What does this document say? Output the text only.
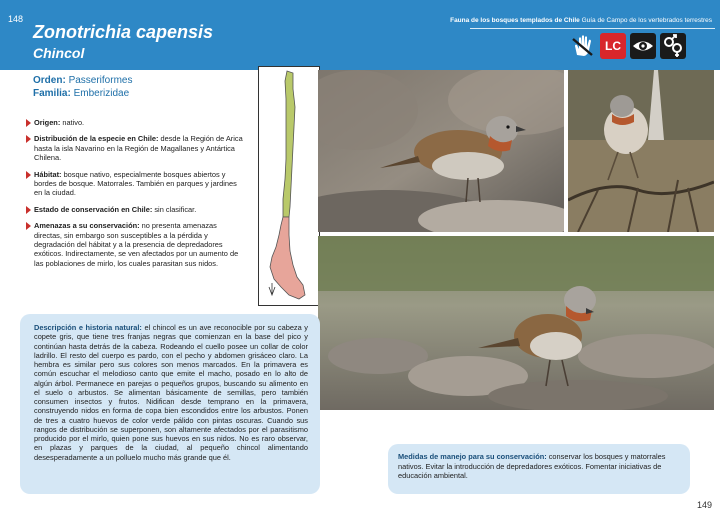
148
Zonotrichia capensis
Chincol
Fauna de los bosques templados de Chile Guía de Campo de los vertebrados terrestres
LC
Orden: Passeriformes
Familia: Emberizidae
Origen: nativo.
Distribución de la especie en Chile: desde la Región de Arica hasta la isla Navarino en la Región de Magallanes y Antártica Chilena.
Hábitat: bosque nativo, especialmente bosques abiertos y bordes de bosque. Matorrales. También en parques y jardines en la ciudad.
Estado de conservación en Chile: sin clasificar.
Amenazas a su conservación: no presenta amenazas directas, sin embargo son susceptibles a la pérdida y degradación del hábitat y a la presencia de depredadores exóticos. Indirectamente, se ven afectados por un aumento de las poblaciones de mirlo, los cuales parasitan sus nidos.
Descripción e historia natural: el chincol es un ave reconocible por su cabeza y copete gris, que tiene tres franjas negras que comienzan en la base del pico y continúan hasta detrás de la cabeza. Rodeando el cuello posee un collar de color ladrillo. El resto del cuerpo es pardo, con el pecho y abdomen grisáceo claro. La hembra es similar pero sus colores son menos marcados. En la primavera es común escuchar el melodioso canto que emite el macho, posado en lo alto de algún árbol. Permanece en parejas o pequeños grupos, buscando su alimento en el suelo o arbustos. Se alimentan básicamente de semillas, pero también consumen insectos y frutos. Nidifican desde temprano en la primavera, construyendo nidos en forma de copa bien escondidos entre los arbustos. Ponen de tres a cuatro huevos de color verde pálido con pintas oscuras. Cuando sus rangos de distribución se superponen, son altamente afectados por el parasitismo producido por el mirlo, quien pone sus huevos en sus nidos. No es raro observar, en plazas y parques de la ciudad, al pequeño chincol alimentando desesperadamente a un polluelo mucho más grande que él.	Medidas de manejo para su conservación: conservar los bosques y matorrales nativos. Evitar la introducción de depredadores exóticos. Fomentar iniciativas de educación ambiental.
149
